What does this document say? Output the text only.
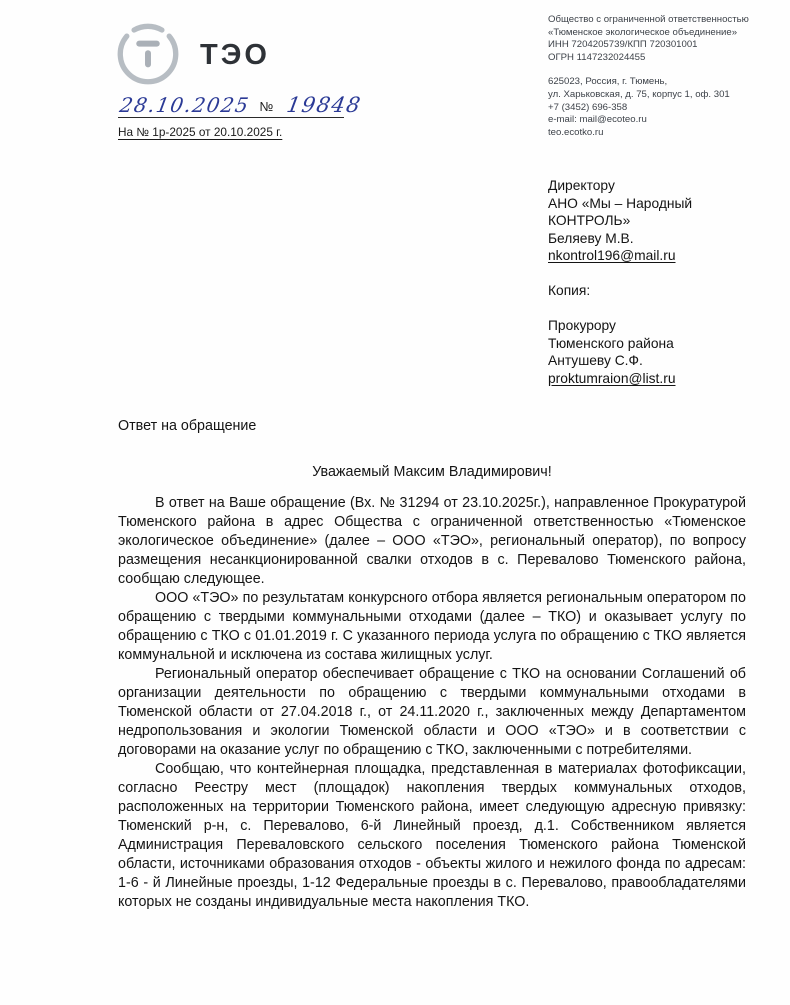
ТЭО
Общество с ограниченной ответственностью
«Тюменское экологическое объединение»
ИНН 7204205739/КПП 720301001
ОГРН 1147232024455
625023, Россия, г. Тюмень,
ул. Харьковская, д. 75, корпус 1, оф. 301
+7 (3452) 696-358
e-mail: mail@ecoteo.ru
teo.ecotko.ru
28.10.2025 № 19848
На № 1р-2025 от 20.10.2025 г.
Директору
АНО «Мы – Народный
КОНТРОЛЬ»
Беляеву М.В.
nkontrol196@mail.ru
Копия:
Прокурору
Тюменского района
Антушеву С.Ф.
proktumraion@list.ru
Ответ на обращение
Уважаемый Максим Владимирович!

В ответ на Ваше обращение (Вх. № 31294 от 23.10.2025г.), направленное Прокуратурой Тюменского района в адрес Общества с ограниченной ответственностью «Тюменское экологическое объединение» (далее – ООО «ТЭО», региональный оператор), по вопросу размещения несанкционированной свалки отходов в с. Перевалово Тюменского района, сообщаю следующее.

ООО «ТЭО» по результатам конкурсного отбора является региональным оператором по обращению с твердыми коммунальными отходами (далее – ТКО) и оказывает услугу по обращению с ТКО с 01.01.2019 г. С указанного периода услуга по обращению с ТКО является коммунальной и исключена из состава жилищных услуг.

Региональный оператор обеспечивает обращение с ТКО на основании Соглашений об организации деятельности по обращению с твердыми коммунальными отходами в Тюменской области от 27.04.2018 г., от 24.11.2020 г., заключенных между Департаментом недропользования и экологии Тюменской области и ООО «ТЭО» и в соответствии с договорами на оказание услуг по обращению с ТКО, заключенными с потребителями.

Сообщаю, что контейнерная площадка, представленная в материалах фотофиксации, согласно Реестру мест (площадок) накопления твердых коммунальных отходов, расположенных на территории Тюменского района, имеет следующую адресную привязку: Тюменский р-н, с. Перевалово, 6-й Линейный проезд, д.1. Собственником является Администрация Переваловского сельского поселения Тюменского района Тюменской области, источниками образования отходов - объекты жилого и нежилого фонда по адресам: 1-6 - й Линейные проезды, 1-12 Федеральные проезды в с. Перевалово, правообладателями которых не созданы индивидуальные места накопления ТКО.
